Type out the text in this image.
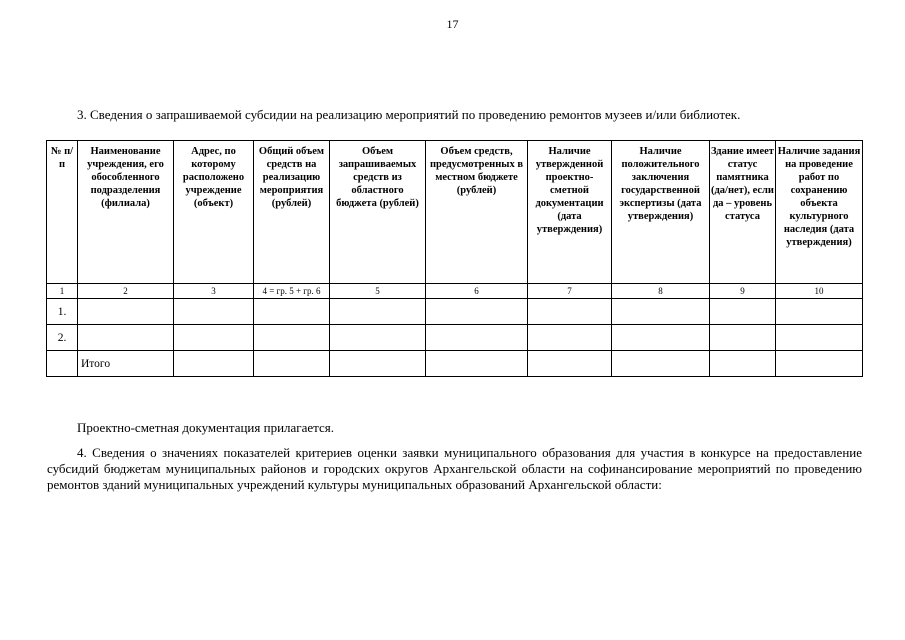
17
3. Сведения о запрашиваемой субсидии на реализацию мероприятий по проведению ремонтов музеев и/или библиотек.
№ п/п	Наименование учреждения, его обособленного подразделения (филиала)	Адрес, по которому расположено учреждение (объект)	Общий объем средств на реализацию мероприятия (рублей)	Объем запрашиваемых средств из областного бюджета (рублей)	Объем средств, предусмотренных в местном бюджете (рублей)	Наличие утвержденной проектно-сметной документации (дата утверждения)	Наличие положительного заключения государственной экспертизы (дата утверждения)	Здание имеет статус памятника (да/нет), если да – уровень статуса	Наличие задания на проведение работ по сохранению объекта культурного наследия (дата утверждения)
1	2	3	4 = гр. 5 + гр. 6	5	6	7	8	9	10
1.									
2.									
	Итого								
Проектно-сметная документация прилагается.
4. Сведения о значениях показателей критериев оценки заявки муниципального образования для участия в конкурсе на предоставление субсидий бюджетам муниципальных районов и городских округов Архангельской области на софинансирование мероприятий по проведению ремонтов зданий муниципальных учреждений культуры муниципальных образований Архангельской области:
